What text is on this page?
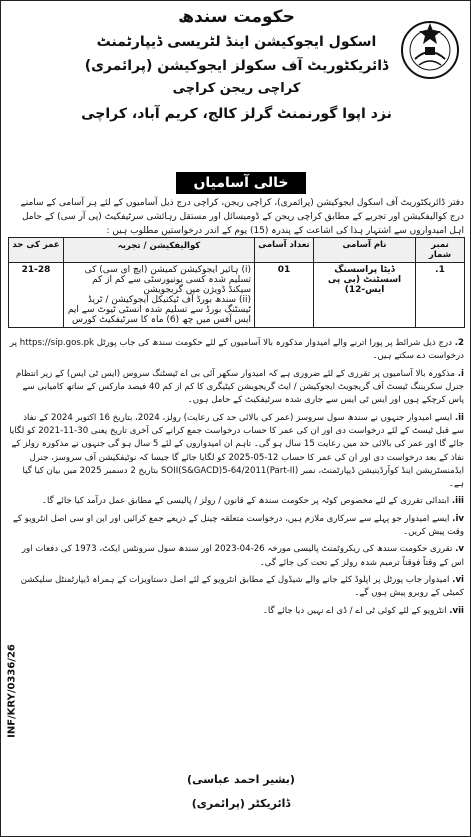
حکومت سندھ
اسکول ایجوکیشن اینڈ لٹریسی ڈیپارٹمنٹ
ڈائریکٹوریٹ آف سکولز ایجوکیشن (پرائمری)
کراچی ریجن کراچی
نزد اپوا گورنمنٹ گرلز کالج، کریم آباد، کراچی
خالی آسامیاں
دفتر ڈائریکٹوریٹ آف اسکول ایجوکیشن (پرائمری)، کراچی ریجن، کراچی درج ذیل آسامیوں کے لئے ہر آسامی کے سامنے درج کوالیفکیشن اور تجربے کے مطابق کراچی ریجن کے ڈومیسائل اور مستقل رہائشی سرٹیفکیٹ (پی آر سی) کے حامل اہل امیدواروں سے اشتہار ہذا کی اشاعت کے پندرہ (15) یوم کے اندر درخواستیں مطلوب ہیں :
نمبر شمار	نام آسامی	تعداد آسامی	کوالیفکیشن / تجربہ	عمر کی حد
1.	ڈیٹا پراسسنگ اسسٹنٹ (بی پی ایس-12)	01	(i) ہائیر ایجوکیشن کمیشن (ایچ ای سی) کی تسلیم شدہ کسی یونیورسٹی سے کم از کم سیکنڈ ڈویژن میں گریجویشن
(ii) سندھ بورڈ آف ٹیکنیکل ایجوکیشن / ٹریڈ ٹیسٹنگ بورڈ سے تسلیم شدہ انسٹی ٹیوٹ سے ایم ایس آفس میں چھ (6) ماہ کا سرٹیفکیٹ کورس	21-28
2. درج ذیل شرائط پر پورا اترنے والے امیدوار مذکورہ بالا آسامیوں کے لئے حکومت سندھ کی جاب پورٹل https://sip.gos.pk پر درخواست دے سکتے ہیں۔
i. مذکورہ بالا آسامیوں پر تقرری کے لئے ضروری ہے کہ امیدوار سکھر آئی بی اے ٹیسٹنگ سروس (ایس ٹی ایس) کے زیر انتظام جنرل سکریننگ ٹیسٹ آف گریجویٹ ایجوکیشن / ایٹ گریجویشن کیٹیگری کا کم از کم 40 فیصد مارکس کے ساتھ کامیابی سے پاس کرچکے ہوں اور ایس ٹی ایس سے جاری شدہ سرٹیفکیٹ کے حامل ہوں۔
ii. ایسے امیدوار جنہوں نے سندھ سول سروسز (عمر کی بالائی حد کی رعایت) رولز، 2024، بتاریخ 16 اکتوبر 2024 کے نفاذ سے قبل ٹیسٹ کے لئے درخواست دی اور ان کی عمر کا حساب درخواست جمع کرانے کی آخری تاریخ یعنی 30-11-2021 کو لگایا جائے گا اور عمر کی بالائی حد میں رعایت 15 سال ہو گی۔ تاہم ان امیدواروں کے لئے 5 سال ہو گی جنہوں نے مذکورہ رولز کے نفاذ کے بعد درخواست دی اور ان کی عمر کا حساب 12-05-2025 کو لگایا جائے گا جیسا کہ نوٹیفکیشن آف سروسز، جنرل ایڈمنسٹریشن اینڈ کوآرڈینیشن ڈیپارٹمنٹ، نمبر SOII(S&GACD)5-64/2011(Part-II) بتاریخ 2 دسمبر 2025 میں بیان کیا گیا ہے۔
iii. ابتدائی تقرری کے لئے مخصوص کوٹہ پر حکومت سندھ کے قانون / رولز / پالیسی کے مطابق عمل درآمد کیا جائے گا۔
iv. ایسے امیدوار جو پہلے سے سرکاری ملازم ہیں، درخواست متعلقہ چینل کے ذریعے جمع کرائیں اور این او سی اصل انٹرویو کے وقت پیش کریں۔
v. تقرری حکومت سندھ کی ریکروٹمنٹ پالیسی مورخہ 26-04-2023 اور سندھ سول سرونٹس ایکٹ، 1973 کی دفعات اور اس کے وقتاً فوقتاً ترمیم شدہ رولز کے تحت کی جائے گی۔
vi. امیدوار جاب پورٹل پر اپلوڈ کئے جانے والے شیڈول کے مطابق انٹرویو کے لئے اصل دستاویزات کے ہمراہ ڈیپارٹمنٹل سلیکشن کمیٹی کے روبرو پیش ہوں گے۔
vii. انٹرویو کے لئے کوئی ٹی اے / ڈی اے نہیں دیا جائے گا۔
INF/KRY/0336/26
(بشیر احمد عباسی)
ڈائریکٹر (پرائمری)
